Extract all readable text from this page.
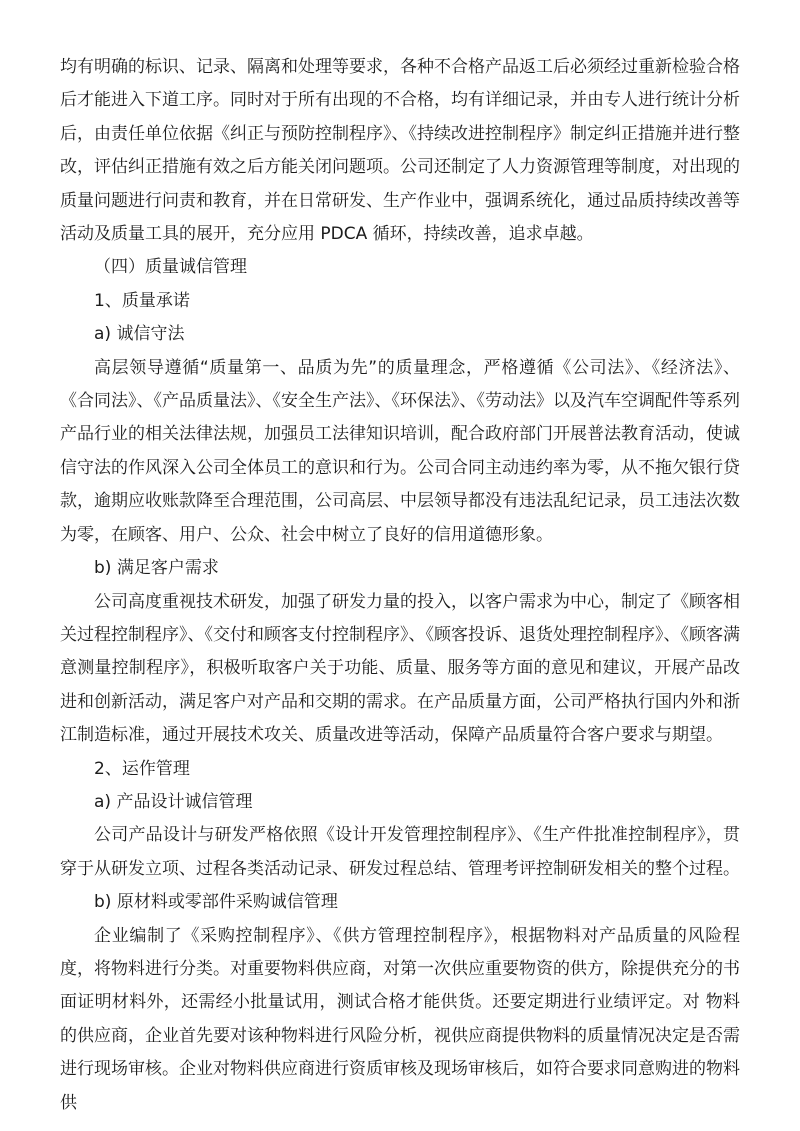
均有明确的标识、记录、隔离和处理等要求，各种不合格产品返工后必须经过重新检验合格后才能进入下道工序。同时对于所有出现的不合格，均有详细记录，并由专人进行统计分析后，由责任单位依据《纠正与预防控制程序》、《持续改进控制程序》制定纠正措施并进行整改，评估纠正措施有效之后方能关闭问题项。公司还制定了人力资源管理等制度，对出现的质量问题进行问责和教育，并在日常研发、生产作业中，强调系统化，通过品质持续改善等活动及质量工具的展开，充分应用 PDCA 循环，持续改善，追求卓越。

（四）质量诚信管理

1、质量承诺

a) 诚信守法

高层领导遵循“质量第一、品质为先”的质量理念，严格遵循《公司法》、《经济法》、《合同法》、《产品质量法》、《安全生产法》、《环保法》、《劳动法》以及汽车空调配件等系列产品行业的相关法律法规，加强员工法律知识培训，配合政府部门开展普法教育活动，使诚信守法的作风深入公司全体员工的意识和行为。公司合同主动违约率为零，从不拖欠银行贷款，逾期应收账款降至合理范围，公司高层、中层领导都没有违法乱纪记录，员工违法次数为零，在顾客、用户、公众、社会中树立了良好的信用道德形象。

b) 满足客户需求

公司高度重视技术研发，加强了研发力量的投入，以客户需求为中心，制定了《顾客相关过程控制程序》、《交付和顾客支付控制程序》、《顾客投诉、退货处理控制程序》、《顾客满意测量控制程序》，积极听取客户关于功能、质量、服务等方面的意见和建议，开展产品改进和创新活动，满足客户对产品和交期的需求。在产品质量方面，公司严格执行国内外和浙江制造标准，通过开展技术攻关、质量改进等活动，保障产品质量符合客户要求与期望。

2、运作管理

a) 产品设计诚信管理

公司产品设计与研发严格依照《设计开发管理控制程序》、《生产件批准控制程序》，贯穿于从研发立项、过程各类活动记录、研发过程总结、管理考评控制研发相关的整个过程。

b) 原材料或零部件采购诚信管理

企业编制了《采购控制程序》、《供方管理控制程序》，根据物料对产品质量的风险程度，将物料进行分类。对重要物料供应商，对第一次供应重要物资的供方，除提供充分的书面证明材料外，还需经小批量试用，测试合格才能供货。还要定期进行业绩评定。对 物料的供应商，企业首先要对该种物料进行风险分析，视供应商提供物料的质量情况决定是否需进行现场审核。企业对物料供应商进行资质审核及现场审核后，如符合要求同意购进的物料供
